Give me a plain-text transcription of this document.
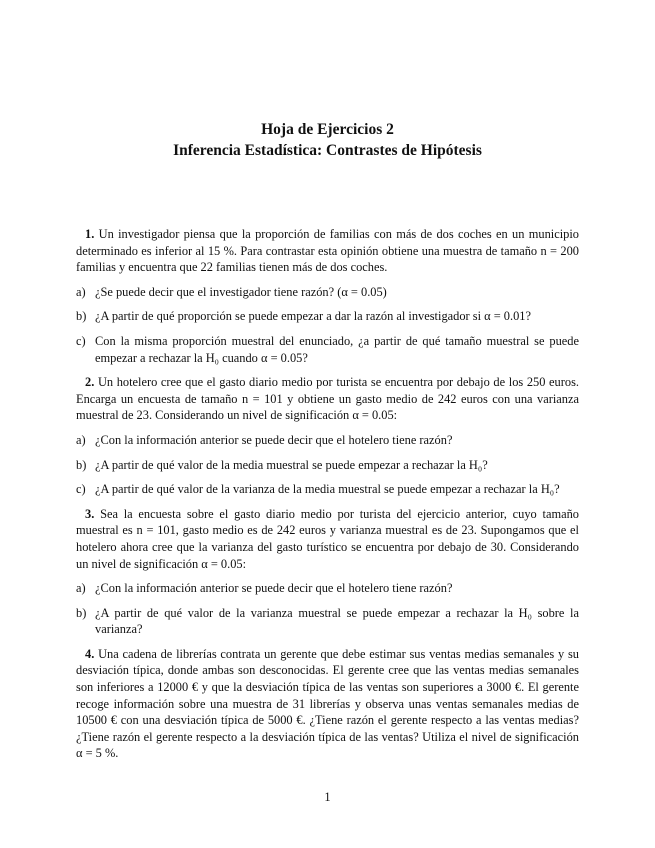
Hoja de Ejercicios 2
Inferencia Estadística: Contrastes de Hipótesis

1. Un investigador piensa que la proporción de familias con más de dos coches en un municipio determinado es inferior al 15 %. Para contrastar esta opinión obtiene una muestra de tamaño n = 200 familias y encuentra que 22 familias tienen más de dos coches.

a) ¿Se puede decir que el investigador tiene razón? (α = 0.05)
b) ¿A partir de qué proporción se puede empezar a dar la razón al investigador si α = 0.01?
c) Con la misma proporción muestral del enunciado, ¿a partir de qué tamaño muestral se puede empezar a rechazar la H₀ cuando α = 0.05?

2. Un hotelero cree que el gasto diario medio por turista se encuentra por debajo de los 250 euros. Encarga un encuesta de tamaño n = 101 y obtiene un gasto medio de 242 euros con una varianza muestral de 23. Considerando un nivel de significación α = 0.05:

a) ¿Con la información anterior se puede decir que el hotelero tiene razón?
b) ¿A partir de qué valor de la media muestral se puede empezar a rechazar la H₀?
c) ¿A partir de qué valor de la varianza de la media muestral se puede empezar a rechazar la H₀?

3. Sea la encuesta sobre el gasto diario medio por turista del ejercicio anterior, cuyo tamaño muestral es n = 101, gasto medio es de 242 euros y varianza muestral es de 23. Supongamos que el hotelero ahora cree que la varianza del gasto turístico se encuentra por debajo de 30. Considerando un nivel de significación α = 0.05:

a) ¿Con la información anterior se puede decir que el hotelero tiene razón?
b) ¿A partir de qué valor de la varianza muestral se puede empezar a rechazar la H₀ sobre la varianza?

4. Una cadena de librerías contrata un gerente que debe estimar sus ventas medias semanales y su desviación típica, donde ambas son desconocidas. El gerente cree que las ventas medias semanales son inferiores a 12000 € y que la desviación típica de las ventas son superiores a 3000 €. El gerente recoge información sobre una muestra de 31 librerías y observa unas ventas semanales medias de 10500 € con una desviación típica de 5000 €. ¿Tiene razón el gerente respecto a las ventas medias? ¿Tiene razón el gerente respecto a la desviación típica de las ventas? Utiliza el nivel de significación α = 5 %.

1
